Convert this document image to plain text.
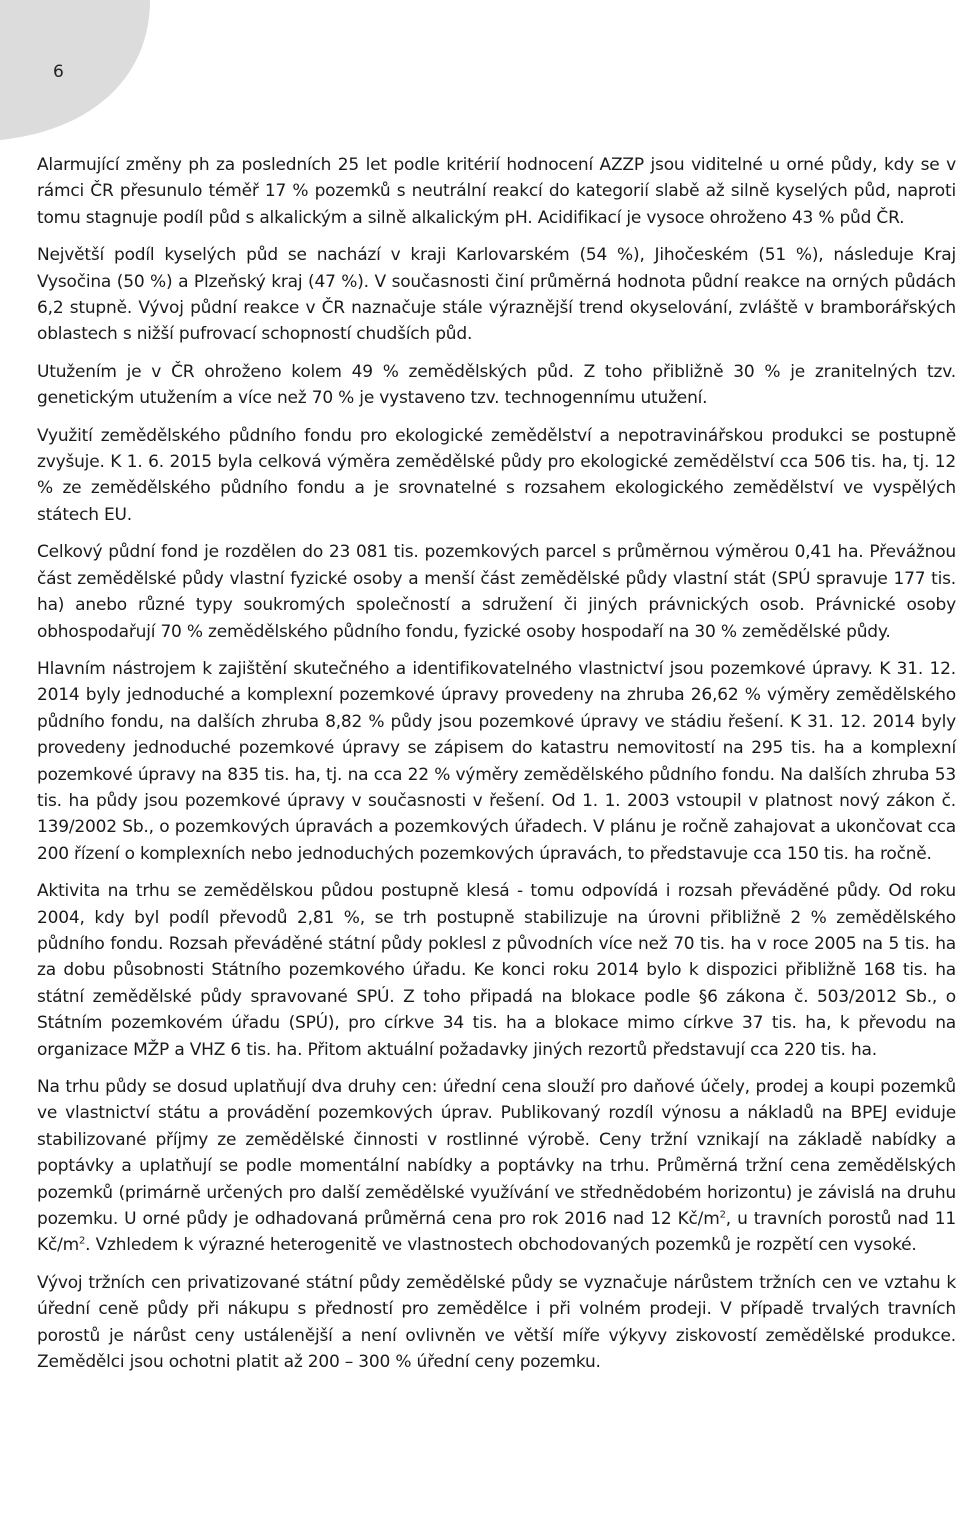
6

Alarmující změny ph za posledních 25 let podle kritérií hodnocení AZZP jsou viditelné u orné půdy, kdy se v rámci ČR přesunulo téměř 17 % pozemků s neutrální reakcí do kategorií slabě až silně kyselých půd, naproti tomu stagnuje podíl půd s alkalickým a silně alkalickým pH. Acidifikací je vysoce ohroženo 43 % půd ČR.

Největší podíl kyselých půd se nachází v kraji Karlovarském (54 %), Jihočeském (51 %), následuje Kraj Vysočina (50 %) a Plzeňský kraj (47 %). V současnosti činí průměrná hodnota půdní reakce na orných půdách 6,2 stupně. Vývoj půdní reakce v ČR naznačuje stále výraznější trend okyselování, zvláště v bramborářských oblastech s nižší pufrovací schopností chudších půd.

Utužením je v ČR ohroženo kolem 49 % zemědělských půd. Z toho přibližně 30 % je zranitelných tzv. genetickým utužením a více než 70 % je vystaveno tzv. technogennímu utužení.

Využití zemědělského půdního fondu pro ekologické zemědělství a nepotravinářskou produkci se postupně zvyšuje. K 1. 6. 2015 byla celková výměra zemědělské půdy pro ekologické zemědělství cca 506 tis. ha, tj. 12 % ze zemědělského půdního fondu a je srovnatelné s rozsahem ekologického zemědělství ve vyspělých státech EU.

Celkový půdní fond je rozdělen do 23 081 tis. pozemkových parcel s průměrnou výměrou 0,41 ha. Převážnou část zemědělské půdy vlastní fyzické osoby a menší část zemědělské půdy vlastní stát (SPÚ spravuje 177 tis. ha) anebo různé typy soukromých společností a sdružení či jiných právnických osob. Právnické osoby obhospodařují 70 % zemědělského půdního fondu, fyzické osoby hospodaří na 30 % zemědělské půdy.

Hlavním nástrojem k zajištění skutečného a identifikovatelného vlastnictví jsou pozemkové úpravy. K 31. 12. 2014 byly jednoduché a komplexní pozemkové úpravy provedeny na zhruba 26,62 % výměry zemědělského půdního fondu, na dalších zhruba 8,82 % půdy jsou pozemkové úpravy ve stádiu řešení. K 31. 12. 2014 byly provedeny jednoduché pozemkové úpravy se zápisem do katastru nemovitostí na 295 tis. ha a komplexní pozemkové úpravy na 835 tis. ha, tj. na cca 22 % výměry zemědělského půdního fondu. Na dalších zhruba 53 tis. ha půdy jsou pozemkové úpravy v současnosti v řešení. Od 1. 1. 2003 vstoupil v platnost nový zákon č. 139/2002 Sb., o pozemkových úpravách a pozemkových úřadech. V plánu je ročně zahajovat a ukončovat cca 200 řízení o komplexních nebo jednoduchých pozemkových úpravách, to představuje cca 150 tis. ha ročně.

Aktivita na trhu se zemědělskou půdou postupně klesá - tomu odpovídá i rozsah převáděné půdy. Od roku 2004, kdy byl podíl převodů 2,81 %, se trh postupně stabilizuje na úrovni přibližně 2 % zemědělského půdního fondu. Rozsah převáděné státní půdy poklesl z původních více než 70 tis. ha v roce 2005 na 5 tis. ha za dobu působnosti Státního pozemkového úřadu. Ke konci roku 2014 bylo k dispozici přibližně 168 tis. ha státní zemědělské půdy spravované SPÚ. Z toho připadá na blokace podle §6 zákona č. 503/2012 Sb., o Státním pozemkovém úřadu (SPÚ), pro církve 34 tis. ha a blokace mimo církve 37 tis. ha, k převodu na organizace MŽP a VHZ 6 tis. ha. Přitom aktuální požadavky jiných rezortů představují cca 220 tis. ha.

Na trhu půdy se dosud uplatňují dva druhy cen: úřední cena slouží pro daňové účely, prodej a koupi pozemků ve vlastnictví státu a provádění pozemkových úprav. Publikovaný rozdíl výnosu a nákladů na BPEJ eviduje stabilizované příjmy ze zemědělské činnosti v rostlinné výrobě. Ceny tržní vznikají na základě nabídky a poptávky a uplatňují se podle momentální nabídky a poptávky na trhu. Průměrná tržní cena zemědělských pozemků (primárně určených pro další zemědělské využívání ve střednědobém horizontu) je závislá na druhu pozemku. U orné půdy je odhadovaná průměrná cena pro rok 2016 nad 12 $Kč/m^2$, u travních porostů nad 11 $Kč/m^2$. Vzhledem k výrazné heterogenitě ve vlastnostech obchodovaných pozemků je rozpětí cen vysoké.

Vývoj tržních cen privatizované státní půdy zemědělské půdy se vyznačuje nárůstem tržních cen ve vztahu k úřední ceně půdy při nákupu s předností pro zemědělce i při volném prodeji. V případě trvalých travních porostů je nárůst ceny ustálenější a není ovlivněn ve větší míře výkyvy ziskovostí zemědělské produkce. Zemědělci jsou ochotni platit až 200 – 300 % úřední ceny pozemku.
